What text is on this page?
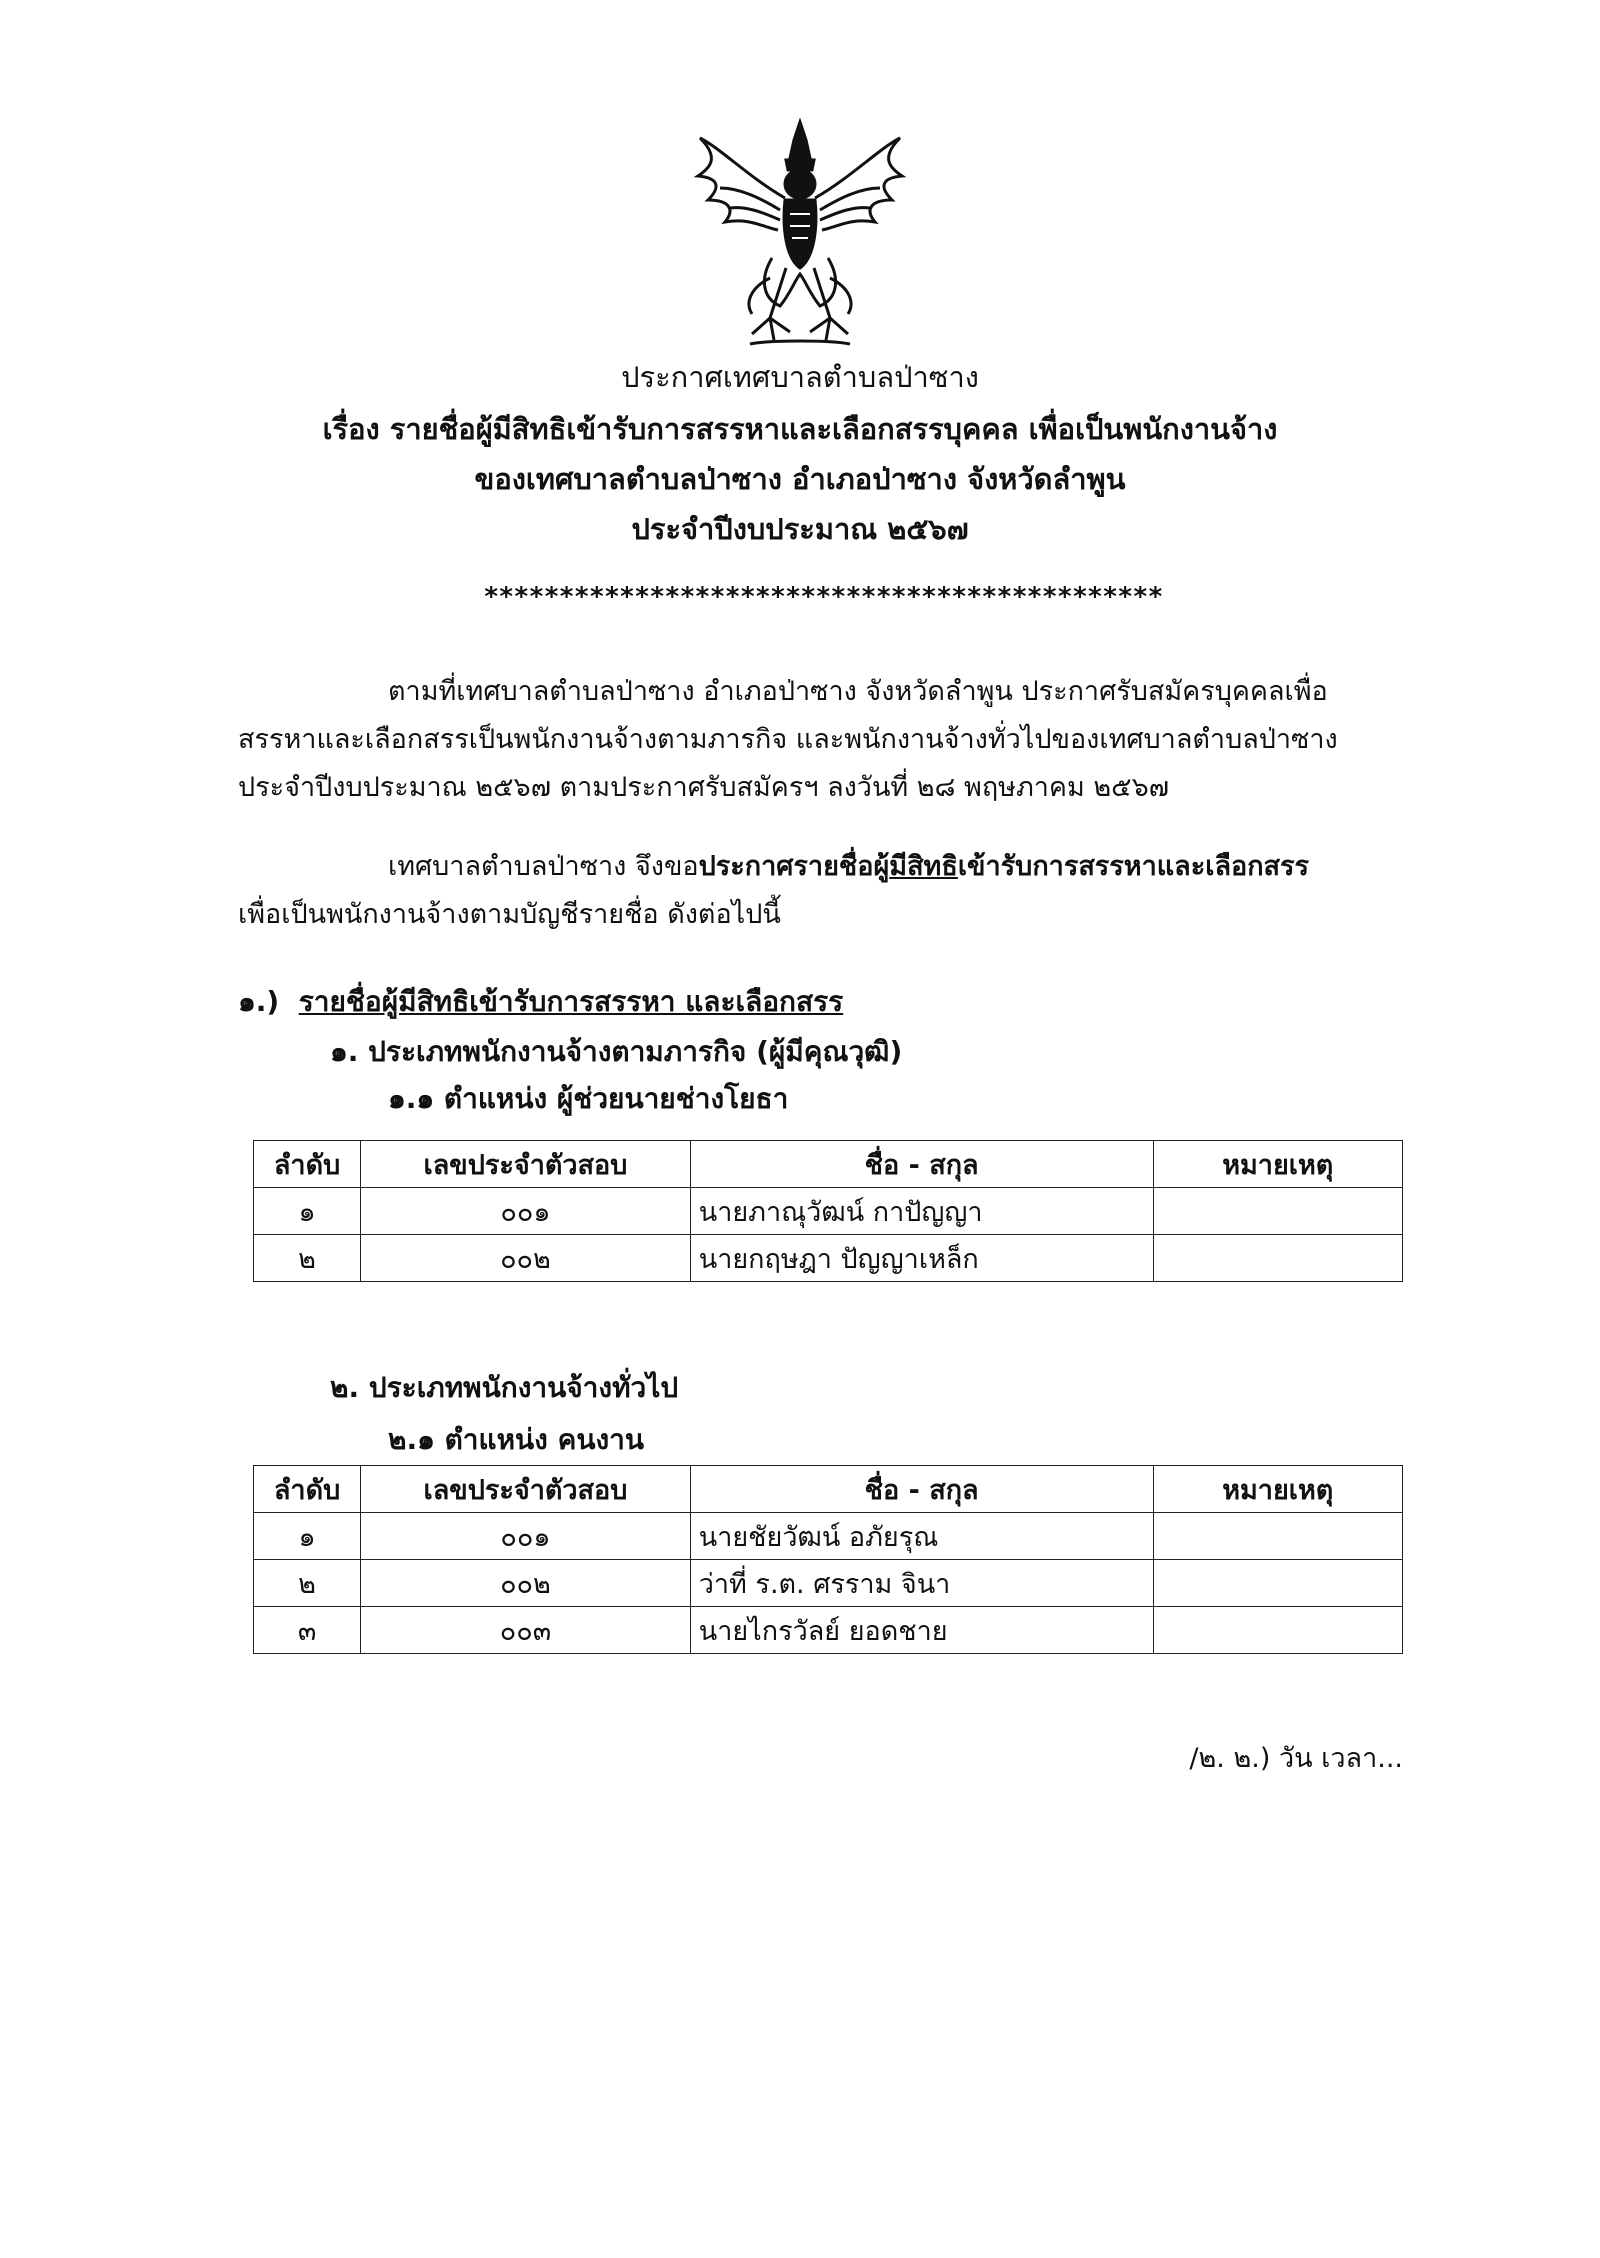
ประกาศเทศบาลตำบลป่าซาง
เรื่อง รายชื่อผู้มีสิทธิเข้ารับการสรรหาและเลือกสรรบุคคล เพื่อเป็นพนักงานจ้าง
ของเทศบาลตำบลป่าซาง อำเภอป่าซาง จังหวัดลำพูน
ประจำปีงบประมาณ ๒๕๖๗
*********************************************
ตามที่เทศบาลตำบลป่าซาง อำเภอป่าซาง จังหวัดลำพูน ประกาศรับสมัครบุคคลเพื่อ
สรรหาและเลือกสรรเป็นพนักงานจ้างตามภารกิจ และพนักงานจ้างทั่วไปของเทศบาลตำบลป่าซาง
ประจำปีงบประมาณ ๒๕๖๗ ตามประกาศรับสมัครฯ ลงวันที่ ๒๘ พฤษภาคม ๒๕๖๗
เทศบาลตำบลป่าซาง จึงขอประกาศรายชื่อผู้มีสิทธิเข้ารับการสรรหาและเลือกสรร
เพื่อเป็นพนักงานจ้างตามบัญชีรายชื่อ ดังต่อไปนี้
๑.) รายชื่อผู้มีสิทธิเข้ารับการสรรหา และเลือกสรร
๑. ประเภทพนักงานจ้างตามภารกิจ (ผู้มีคุณวุฒิ)
๑.๑ ตำแหน่ง ผู้ช่วยนายช่างโยธา
ลำดับ	เลขประจำตัวสอบ	ชื่อ - สกุล	หมายเหตุ
๑	๐๐๑	นายภาณุวัฒน์ กาปัญญา	
๒	๐๐๒	นายกฤษฎา ปัญญาเหล็ก	
๒. ประเภทพนักงานจ้างทั่วไป
๒.๑ ตำแหน่ง คนงาน
ลำดับ	เลขประจำตัวสอบ	ชื่อ - สกุล	หมายเหตุ
๑	๐๐๑	นายชัยวัฒน์ อภัยรุณ	
๒	๐๐๒	ว่าที่ ร.ต. ศรราม จินา	
๓	๐๐๓	นายไกรวัลย์ ยอดชาย	
/๒. ๒.) วัน เวลา...
